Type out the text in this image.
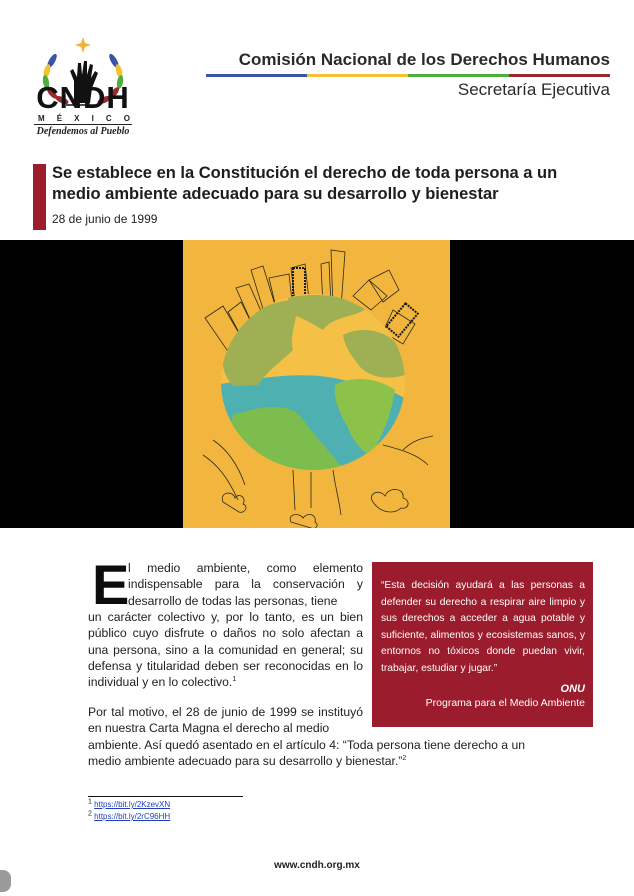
CNDH
M É X I C O
Defendemos al Pueblo
Comisión Nacional de los Derechos Humanos
Secretaría Ejecutiva
Se establece en la Constitución el derecho de toda persona a un medio ambiente adecuado para su desarrollo y bienestar
28 de junio de 1999
E
l medio ambiente, como elemento indispensable para la conservación y desarrollo de todas las personas, tiene
un carácter colectivo y, por lo tanto, es un bien público cuyo disfrute o daños no solo afectan a una persona, sino a la comunidad en general; su defensa y titularidad deben ser reconocidas en lo individual y en lo colectivo.$^1$
Por tal motivo, el 28 de junio de 1999 se instituyó en nuestra Carta Magna el derecho al medio
ambiente. Así quedó asentado en el artículo 4: “Toda persona tiene derecho a un medio ambiente adecuado para su desarrollo y bienestar.”$^2$
“Esta decisión ayudará a las personas a defender su derecho a respirar aire limpio y sus derechos a acceder a agua potable y suficiente, alimentos y ecosistemas sanos, y entornos no tóxicos donde puedan vivir, trabajar, estudiar y jugar.”
ONU
Programa para el Medio Ambiente
$^1$ https://bit.ly/2KzevXN
$^2$ https://bit.ly/2rC96HH
www.cndh.org.mx
